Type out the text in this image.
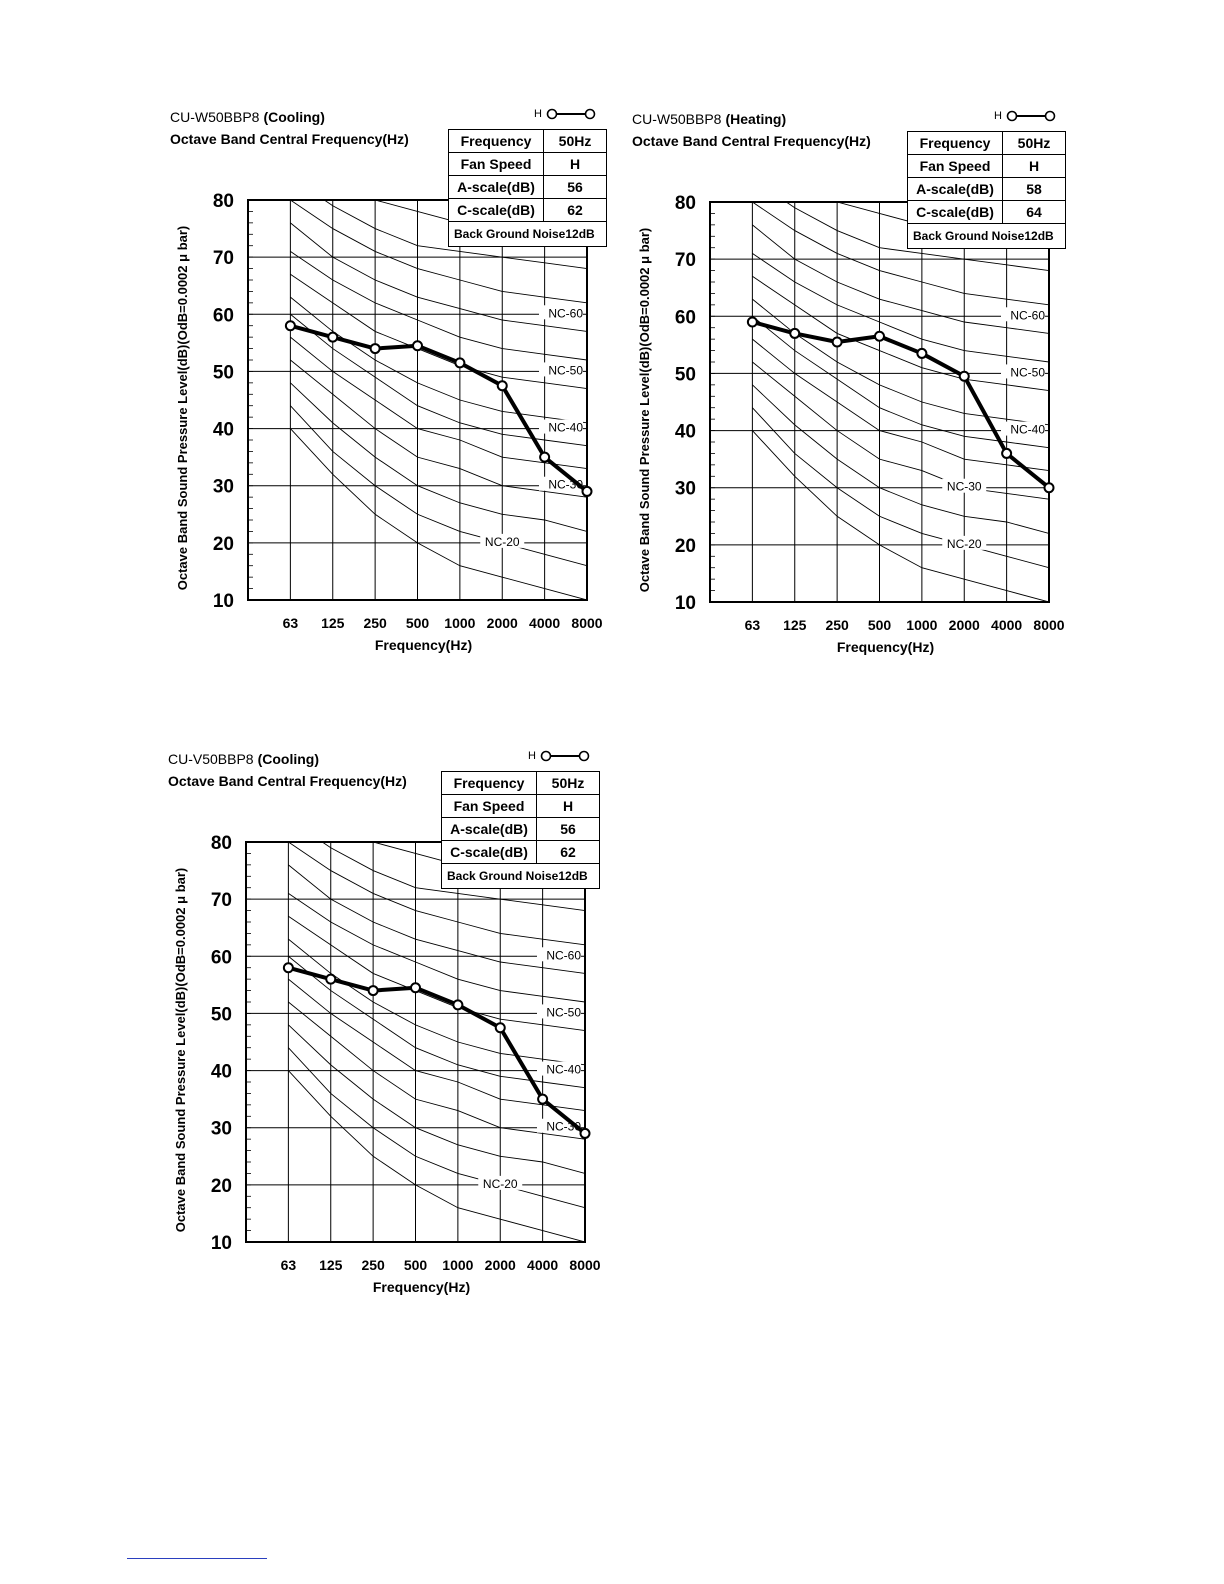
CU-W50BBP8 (Cooling)
Octave Band Central Frequency(Hz)
H
80
70
60
50
40
30
20
10
63 125 250 500 1000 2000 4000 8000
Frequency(Hz)
Octave Band Sound Pressure Level(dB)(OdB=0.0002 μ bar)	NC-60
NC-50
NC-40
NC-30
NC-20
Frequency	50Hz
Fan Speed	H
A-scale(dB)	56
C-scale(dB)	62
Back Ground Noise12dB	
CU-W50BBP8 (Heating)
Octave Band Central Frequency(Hz)
H
80
70
60
50
40
30
20
10
63 125 250 500 1000 2000 4000 8000
Frequency(Hz)
Octave Band Sound Pressure Level(dB)(OdB=0.0002 μ bar)	NC-60
NC-50
NC-40
NC-30
NC-20
Frequency	50Hz
Fan Speed	H
A-scale(dB)	58
C-scale(dB)	64
Back Ground Noise12dB	
CU-V50BBP8 (Cooling)
Octave Band Central Frequency(Hz)
H
80
70
60
50
40
30
20
10
63 125 250 500 1000 2000 4000 8000
Frequency(Hz)
Octave Band Sound Pressure Level(dB)(OdB=0.0002 μ bar)	NC-60
NC-50
NC-40
NC-30
NC-20
Frequency	50Hz
Fan Speed	H
A-scale(dB)	56
C-scale(dB)	62
Back Ground Noise12dB	
